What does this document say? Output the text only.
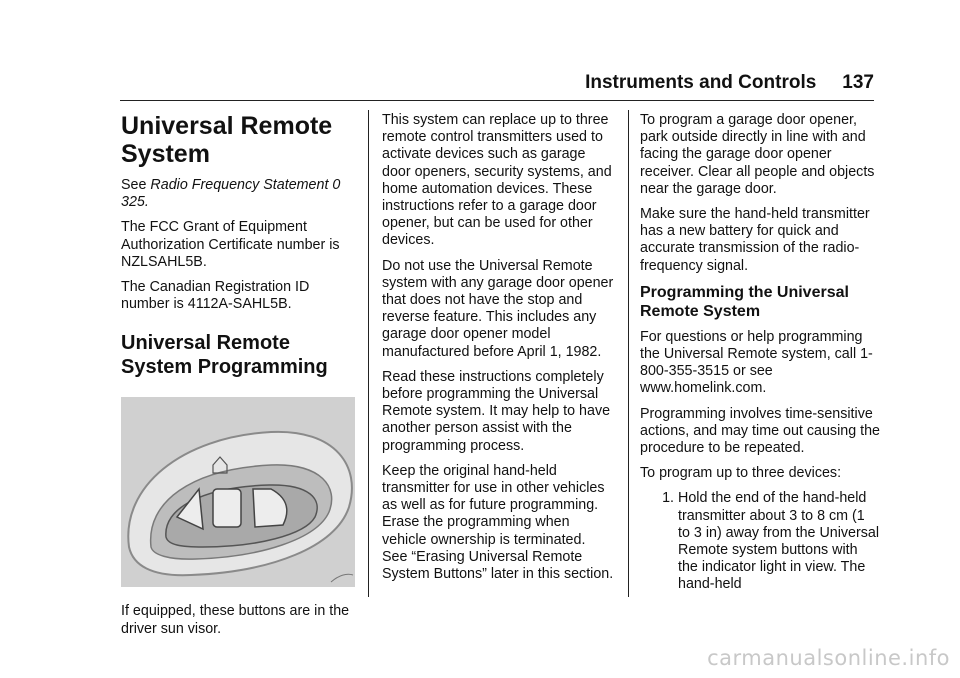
Instruments and Controls 137
Universal Remote System

See Radio Frequency Statement 0 325.

The FCC Grant of Equipment Authorization Certificate number is NZLSAHL5B.

The Canadian Registration ID number is 4112A-SAHL5B.

Universal Remote System Programming

If equipped, these buttons are in the driver sun visor.

This system can replace up to three remote control transmitters used to activate devices such as garage door openers, security systems, and home automation devices. These instructions refer to a garage door opener, but can be used for other devices.

Do not use the Universal Remote system with any garage door opener that does not have the stop and reverse feature. This includes any garage door opener model manufactured before April 1, 1982.

Read these instructions completely before programming the Universal Remote system. It may help to have another person assist with the programming process.

Keep the original hand-held transmitter for use in other vehicles as well as for future programming. Erase the programming when vehicle ownership is terminated. See “Erasing Universal Remote System Buttons” later in this section.

To program a garage door opener, park outside directly in line with and facing the garage door opener receiver. Clear all people and objects near the garage door.

Make sure the hand-held transmitter has a new battery for quick and accurate transmission of the radio-frequency signal.

Programming the Universal Remote System

For questions or help programming the Universal Remote system, call 1-800-355-3515 or see www.homelink.com.

Programming involves time-sensitive actions, and may time out causing the procedure to be repeated.

To program up to three devices:

1. Hold the end of the hand-held transmitter about 3 to 8 cm (1 to 3 in) away from the Universal Remote system buttons with the indicator light in view. The hand-held
carmanualsonline.info
